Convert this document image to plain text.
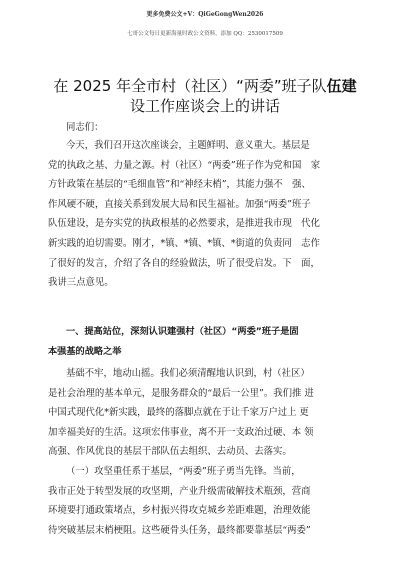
更多免费公文+V：QiGeGongWen2026
七哥公文每日更新海量时政公文资料，添加 QQ：2530017509
在 2025 年全市村（社区）“两委”班子队伍建
设工作座谈会上的讲话
同志们：
今天，我们召开这次座谈会，主题鲜明、意义重大。基层是
党的执政之基、力量之源。村（社区）“两委”班子作为党和国　家
方针政策在基层的“毛细血管”和“神经末梢”，其能力强不　强、
作风硬不硬，直接关系到发展大局和民生福祉。加强“两委”班子
队伍建设，是夯实党的执政根基的必然要求，是推进我市现　代化
新实践的迫切需要。刚才，*镇、*镇、*镇、*街道的负责同　志作
了很好的发言，介绍了各自的经验做法，听了很受启发。下　面，
我讲三点意见。
一、提高站位，深刻认识建强村（社区）“两委”班子是固
本强基的战略之举
基础不牢，地动山摇。我们必须清醒地认识到，村（社区）
是社会治理的基本单元，是服务群众的“最后一公里”。我们推 进
中国式现代化*新实践，最终的落脚点就在于让千家万户过上 更
加幸福美好的生活。这项宏伟事业，离不开一支政治过硬、本 领
高强、作风优良的基层干部队伍去组织、去动员、去落实。
（一）攻坚重任系于基层，“两委”班子勇当先锋。当前，
我市正处于转型发展的攻坚期，产业升级需破解技术瓶颈，营商
环境要打通政策堵点，乡村振兴得攻克城乡差距难题，治理效能
待突破基层末梢梗阻。这些硬骨头任务，最终都要靠基层“两委”
